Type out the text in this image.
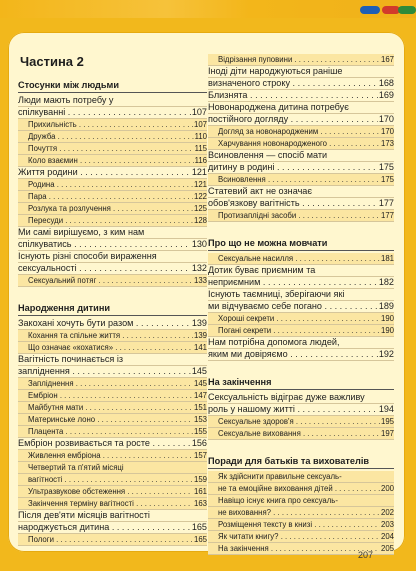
Частина 2
Стосунки між людьми
Люди мають потребу у
спілкуванні . . .	107
Прихильність . . .	107
Дружба . . .	110
Почуття . . .	115
Коло взаємин . . .	116
Життя родини . . .	121
Родина . . .	121
Пара . . .	122
Розлука та розлучення . . .	125
Пересуди . . .	128
Ми самі вирішуємо, з ким нам
спілкуватись . . .	130
Існують різні способи вираження
сексуальності . . .	132
Сексуальний потяг . . .	133
Народження дитини
Закохані хочуть бути разом . . .	139
Кохання та спільне життя . . .	139
Що означає «кохатися» . . .	141
Вагітність починається із
запліднення . . .	145
Запліднення . . .	145
Ембріон . . .	147
Майбутня мати . . .	151
Материнське лоно . . .	153
Плацента . . .	155
Ембріон розвивається та росте . . .	156
Живлення ембріона . . .	157
Четвертий та п'ятий місяці
вагітності . . .	159
Ультразвукове обстеження . . .	161
Закінчення терміну вагітності . . .	163
Після дев'яти місяців вагітності
народжується дитина . . .	165
Пологи . . .	165
Відрізання пуповини . . .	167
Іноді діти народжуються раніше
визначеного строку . . .	168
Близнята . . .	169
Новонароджена дитина потребує
постійного догляду . . .	170
Догляд за новонародженим . . .	170
Харчування новонародженого . . .	173
Всиновлення — спосіб мати
дитину в родині . . .	175
Всиновлення . . .	175
Статевий акт не означає
обов'язкову вагітність . . .	177
Протизаплідні засоби . . .	177
Про що не можна мовчати
Сексуальне насилля . . .	181
Дотик буває приємним та
неприємним . . .	182
Існують таємниці, зберігаючи які
ми відчуваємо себе погано . . .	189
Хороші секрети . . .	190
Погані секрети . . .	190
Нам потрібна допомога людей,
яким ми довіряємо . . .	192
На закінчення
Сексуальність відіграє дуже важливу
роль у нашому житті . . .	194
Сексуальне здоров'я . . .	195
Сексуальне виховання . . .	197
Поради для батьків та вихователів
Як здійснити правильне сексуаль-
не та емоційне виховання дітей . . .	200
Навіщо існує книга про сексуаль-
не виховання? . . .	202
Розміщення тексту в книзі . . .	203
Як читати книгу? . . .	204
На закінчення . . .	205
207
